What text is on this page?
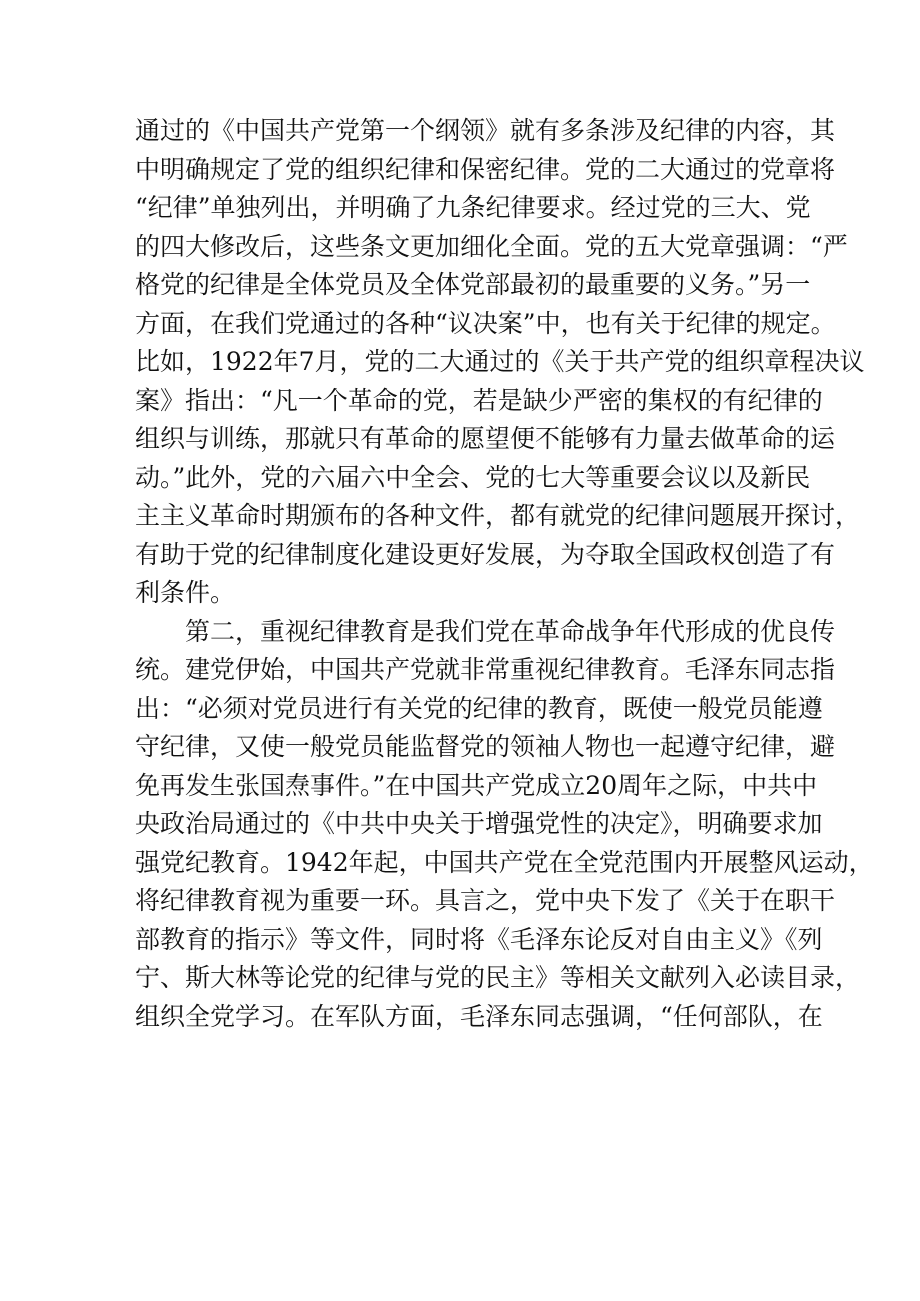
通过的《中国共产党第一个纲领》就有多条涉及纪律的内容，其
中明确规定了党的组织纪律和保密纪律。党的二大通过的党章将
“纪律”单独列出，并明确了九条纪律要求。经过党的三大、党
的四大修改后，这些条文更加细化全面。党的五大党章强调：“严
格党的纪律是全体党员及全体党部最初的最重要的义务。”另一
方面，在我们党通过的各种“议决案”中，也有关于纪律的规定。
比如，1922年7月，党的二大通过的《关于共产党的组织章程决议
案》指出：“凡一个革命的党，若是缺少严密的集权的有纪律的
组织与训练，那就只有革命的愿望便不能够有力量去做革命的运
动。”此外，党的六届六中全会、党的七大等重要会议以及新民
主主义革命时期颁布的各种文件，都有就党的纪律问题展开探讨，
有助于党的纪律制度化建设更好发展，为夺取全国政权创造了有
利条件。
第二，重视纪律教育是我们党在革命战争年代形成的优良传
统。建党伊始，中国共产党就非常重视纪律教育。毛泽东同志指
出：“必须对党员进行有关党的纪律的教育，既使一般党员能遵
守纪律，又使一般党员能监督党的领袖人物也一起遵守纪律，避
免再发生张国焘事件。”在中国共产党成立20周年之际，中共中
央政治局通过的《中共中央关于增强党性的决定》，明确要求加
强党纪教育。1942年起，中国共产党在全党范围内开展整风运动，
将纪律教育视为重要一环。具言之，党中央下发了《关于在职干
部教育的指示》等文件，同时将《毛泽东论反对自由主义》《列
宁、斯大林等论党的纪律与党的民主》等相关文献列入必读目录，
组织全党学习。在军队方面，毛泽东同志强调，“任何部队，在
